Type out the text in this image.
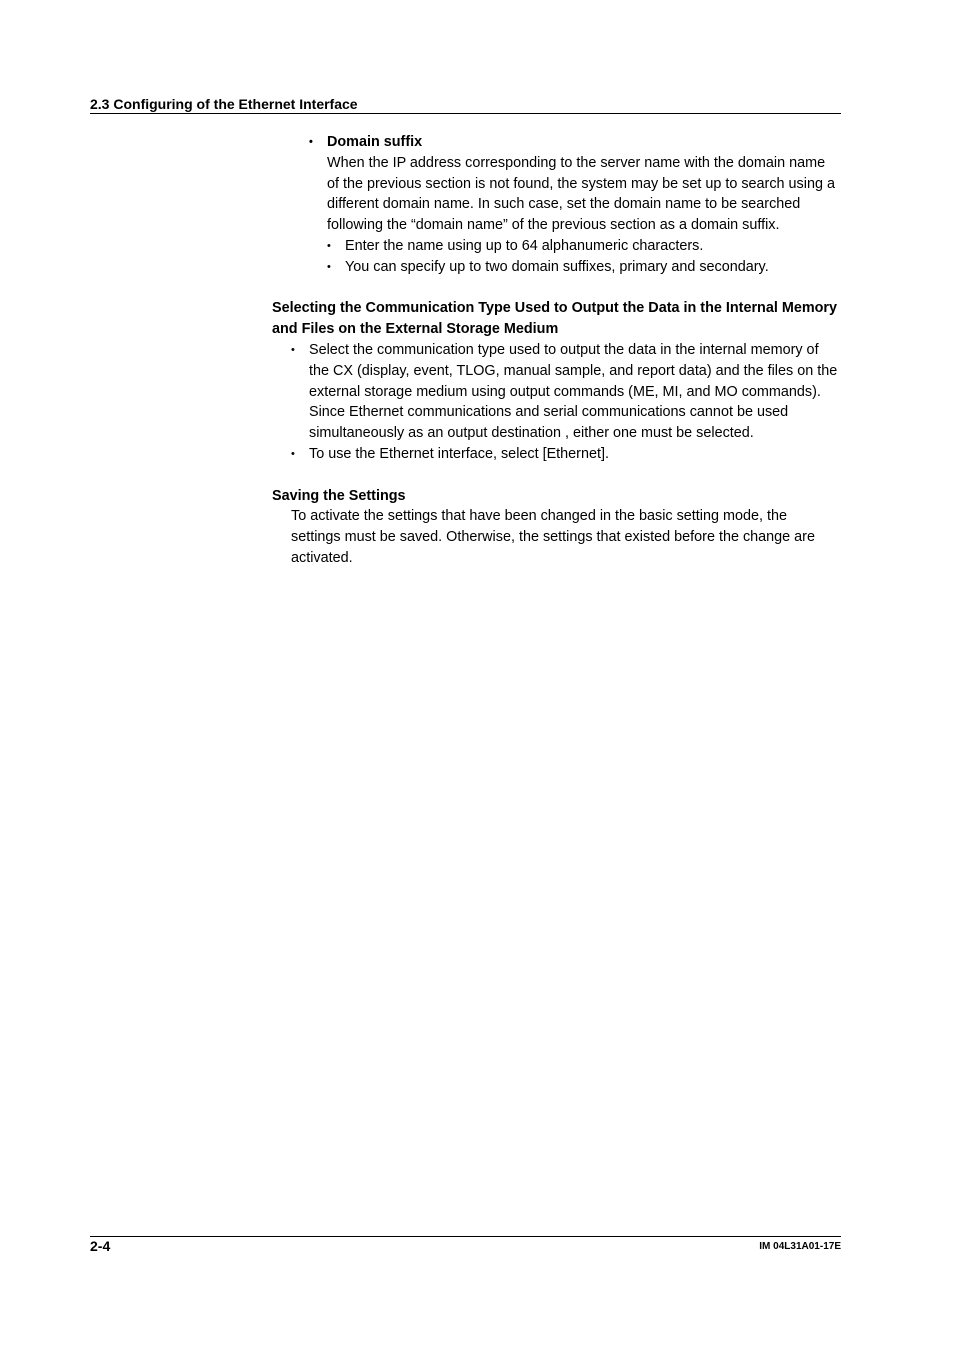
2.3 Configuring of the Ethernet Interface
• Domain suffix
When the IP address corresponding to the server name with the domain name
of the previous section is not found, the system may be set up to search using a
different domain name. In such case, set the domain name to be searched
following the “domain name” of the previous section as a domain suffix.
• Enter the name using up to 64 alphanumeric characters.
• You can specify up to two domain suffixes, primary and secondary.
Selecting the Communication Type Used to Output the Data in the Internal Memory
and Files on the External Storage Medium
• Select the communication type used to output the data in the internal memory of
the CX (display, event, TLOG, manual sample, and report data) and the files on the
external storage medium using output commands (ME, MI, and MO commands).
Since Ethernet communications and serial communications cannot be used
simultaneously as an output destination , either one must be selected.
• To use the Ethernet interface, select [Ethernet].
Saving the Settings
To activate the settings that have been changed in the basic setting mode, the
settings must be saved. Otherwise, the settings that existed before the change are
activated.
2-4	IM 04L31A01-17E
